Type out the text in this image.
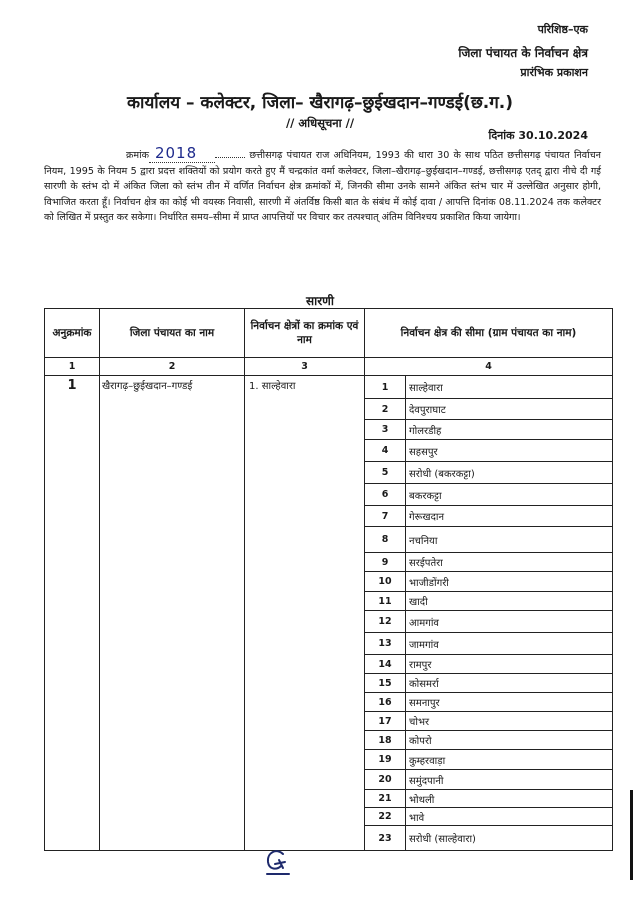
परिशिष्ठ–एक
जिला पंचायत के निर्वाचन क्षेत्र
प्रारंभिक प्रकाशन
कार्यालय – कलेक्टर, जिला– खैरागढ़–छुईखदान–गण्डई(छ.ग.)
// अधिसूचना //
दिनांक 30.10.2024
क्रमांक 2018	छत्तीसगढ़ पंचायत राज अधिनियम, 1993 की धारा 30 के साथ पठित छत्तीसगढ़ पंचायत निर्वाचन नियम, 1995 के नियम 5 द्वारा प्रदत्त शक्तियों को प्रयोग करते हुए मैं चन्द्रकांत वर्मा कलेक्टर, जिला–खैरागढ़–छुईखदान–गण्डई, छत्तीसगढ़ एतद् द्वारा नीचे दी गई सारणी के स्तंभ दो में अंकित जिला को स्तंभ तीन में वर्णित निर्वाचन क्षेत्र क्रमांकों में, जिनकी सीमा उनके सामने अंकित स्तंभ चार में उल्लेखित अनुसार होगी, विभाजित करता हूँ। निर्वाचन क्षेत्र का कोई भी वयस्क निवासी, सारणी में अंतर्विष्ठ किसी बात के संबंध में कोई दावा / आपत्ति दिनांक 08.11.2024 तक कलेक्टर को लिखित में प्रस्तुत कर सकेगा। निर्धारित समय–सीमा में प्राप्त आपत्तियों पर विचार कर तत्पश्चात् अंतिम विनिश्चय प्रकाशित किया जायेगा।
सारणी
अनुक्रमांक	जिला पंचायत का नाम	निर्वाचन क्षेत्रों का क्रमांक एवं नाम	निर्वाचन क्षेत्र की सीमा (ग्राम पंचायत का नाम)	
1	2	3	4	
1	खैरागढ़–छुईखदान–गण्डई	1. साल्हेवारा	1	साल्हेवारा
			2	देवपुराघाट
			3	गोलरडीह
			4	सहसपुर
			5	सरोधी (बकरकट्टा)
			6	बकरकट्टा
			7	गेरूखदान
			8	नचनिया
			9	सरईपतेरा
			10	भाजीडोंगरी
			11	खादी
			12	आमगांव
			13	जामगांव
			14	रामपुर
			15	कोसमर्रा
			16	समनापुर
			17	चोभर
			18	कोपरो
			19	कुम्हरवाड़ा
			20	समुंदपानी
			21	भोथली
			22	भावे
			23	सरोधी (साल्हेवारा)
